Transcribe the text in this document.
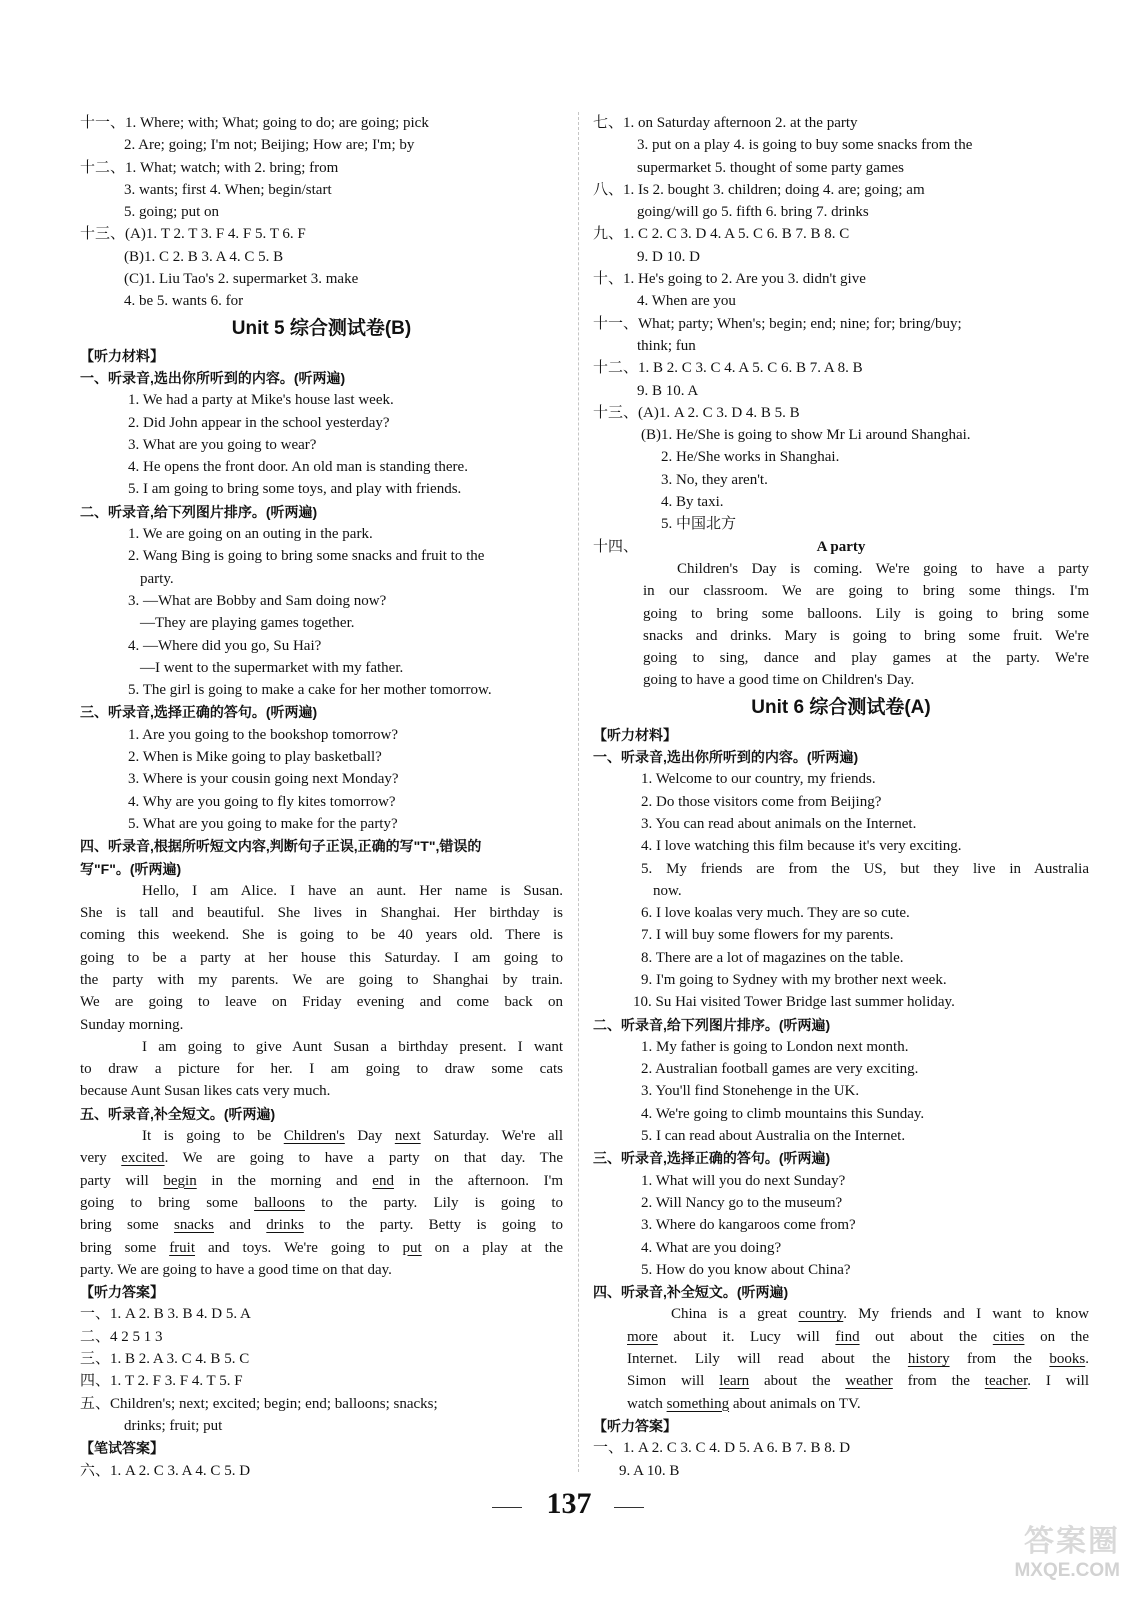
十一、1. Where; with; What; going to do; are going; pick
2. Are; going; I'm not; Beijing; How are; I'm; by
十二、1. What; watch; with 2. bring; from
3. wants; first 4. When; begin/start
5. going; put on
十三、(A)1. T 2. T 3. F 4. F 5. T 6. F
(B)1. C 2. B 3. A 4. C 5. B
(C)1. Liu Tao's 2. supermarket 3. make
4. be 5. wants 6. for
Unit 5 综合测试卷(B)
【听力材料】
一、听录音,选出你所听到的内容。(听两遍)
1. We had a party at Mike's house last week.
2. Did John appear in the school yesterday?
3. What are you going to wear?
4. He opens the front door. An old man is standing there.
5. I am going to bring some toys, and play with friends.
二、听录音,给下列图片排序。(听两遍)
1. We are going on an outing in the park.
2. Wang Bing is going to bring some snacks and fruit to the
party.
3. —What are Bobby and Sam doing now?
—They are playing games together.
4. —Where did you go, Su Hai?
—I went to the supermarket with my father.
5. The girl is going to make a cake for her mother tomorrow.
三、听录音,选择正确的答句。(听两遍)
1. Are you going to the bookshop tomorrow?
2. When is Mike going to play basketball?
3. Where is your cousin going next Monday?
4. Why are you going to fly kites tomorrow?
5. What are you going to make for the party?
四、听录音,根据所听短文内容,判断句子正误,正确的写"T",错误的
写"F"。(听两遍)
Hello, I am Alice. I have an aunt. Her name is Susan.
She is tall and beautiful. She lives in Shanghai. Her birthday is
coming this weekend. She is going to be 40 years old. There is
going to be a party at her house this Saturday. I am going to
the party with my parents. We are going to Shanghai by train.
We are going to leave on Friday evening and come back on
Sunday morning.
I am going to give Aunt Susan a birthday present. I want
to draw a picture for her. I am going to draw some cats
because Aunt Susan likes cats very much.
五、听录音,补全短文。(听两遍)
It is going to be Children's Day next Saturday. We're all
very excited. We are going to have a party on that day. The
party will begin in the morning and end in the afternoon. I'm
going to bring some balloons to the party. Lily is going to
bring some snacks and drinks to the party. Betty is going to
bring some fruit and toys. We're going to put on a play at the
party. We are going to have a good time on that day.
【听力答案】
一、1. A 2. B 3. B 4. D 5. A
二、4 2 5 1 3
三、1. B 2. A 3. C 4. B 5. C
四、1. T 2. F 3. F 4. T 5. F
五、Children's; next; excited; begin; end; balloons; snacks;
drinks; fruit; put
【笔试答案】
六、1. A 2. C 3. A 4. C 5. D
七、1. on Saturday afternoon 2. at the party
3. put on a play 4. is going to buy some snacks from the
supermarket 5. thought of some party games
八、1. Is 2. bought 3. children; doing 4. are; going; am
going/will go 5. fifth 6. bring 7. drinks
九、1. C 2. C 3. D 4. A 5. C 6. B 7. B 8. C
9. D 10. D
十、1. He's going to 2. Are you 3. didn't give
4. When are you
十一、What; party; When's; begin; end; nine; for; bring/buy;
think; fun
十二、1. B 2. C 3. C 4. A 5. C 6. B 7. A 8. B
9. B 10. A
十三、(A)1. A 2. C 3. D 4. B 5. B
(B)1. He/She is going to show Mr Li around Shanghai.
2. He/She works in Shanghai.
3. No, they aren't.
4. By taxi.
5. 中国北方
十四、	A party
Children's Day is coming. We're going to have a party
in our classroom. We are going to bring some things. I'm
going to bring some balloons. Lily is going to bring some
snacks and drinks. Mary is going to bring some fruit. We're
going to sing, dance and play games at the party. We're
going to have a good time on Children's Day.
Unit 6 综合测试卷(A)
【听力材料】
一、听录音,选出你所听到的内容。(听两遍)
1. Welcome to our country, my friends.
2. Do those visitors come from Beijing?
3. You can read about animals on the Internet.
4. I love watching this film because it's very exciting.
5. My friends are from the US, but they live in Australia
now.
6. I love koalas very much. They are so cute.
7. I will buy some flowers for my parents.
8. There are a lot of magazines on the table.
9. I'm going to Sydney with my brother next week.
10. Su Hai visited Tower Bridge last summer holiday.
二、听录音,给下列图片排序。(听两遍)
1. My father is going to London next month.
2. Australian football games are very exciting.
3. You'll find Stonehenge in the UK.
4. We're going to climb mountains this Sunday.
5. I can read about Australia on the Internet.
三、听录音,选择正确的答句。(听两遍)
1. What will you do next Sunday?
2. Will Nancy go to the museum?
3. Where do kangaroos come from?
4. What are you doing?
5. How do you know about China?
四、听录音,补全短文。(听两遍)
China is a great country. My friends and I want to know
more about it. Lucy will find out about the cities on the
Internet. Lily will read about the history from the books.
Simon will learn about the weather from the teacher. I will
watch something about animals on TV.
【听力答案】
一、1. A 2. C 3. C 4. D 5. A 6. B 7. B 8. D
9. A 10. B
137
答案圈
MXQE.COM
